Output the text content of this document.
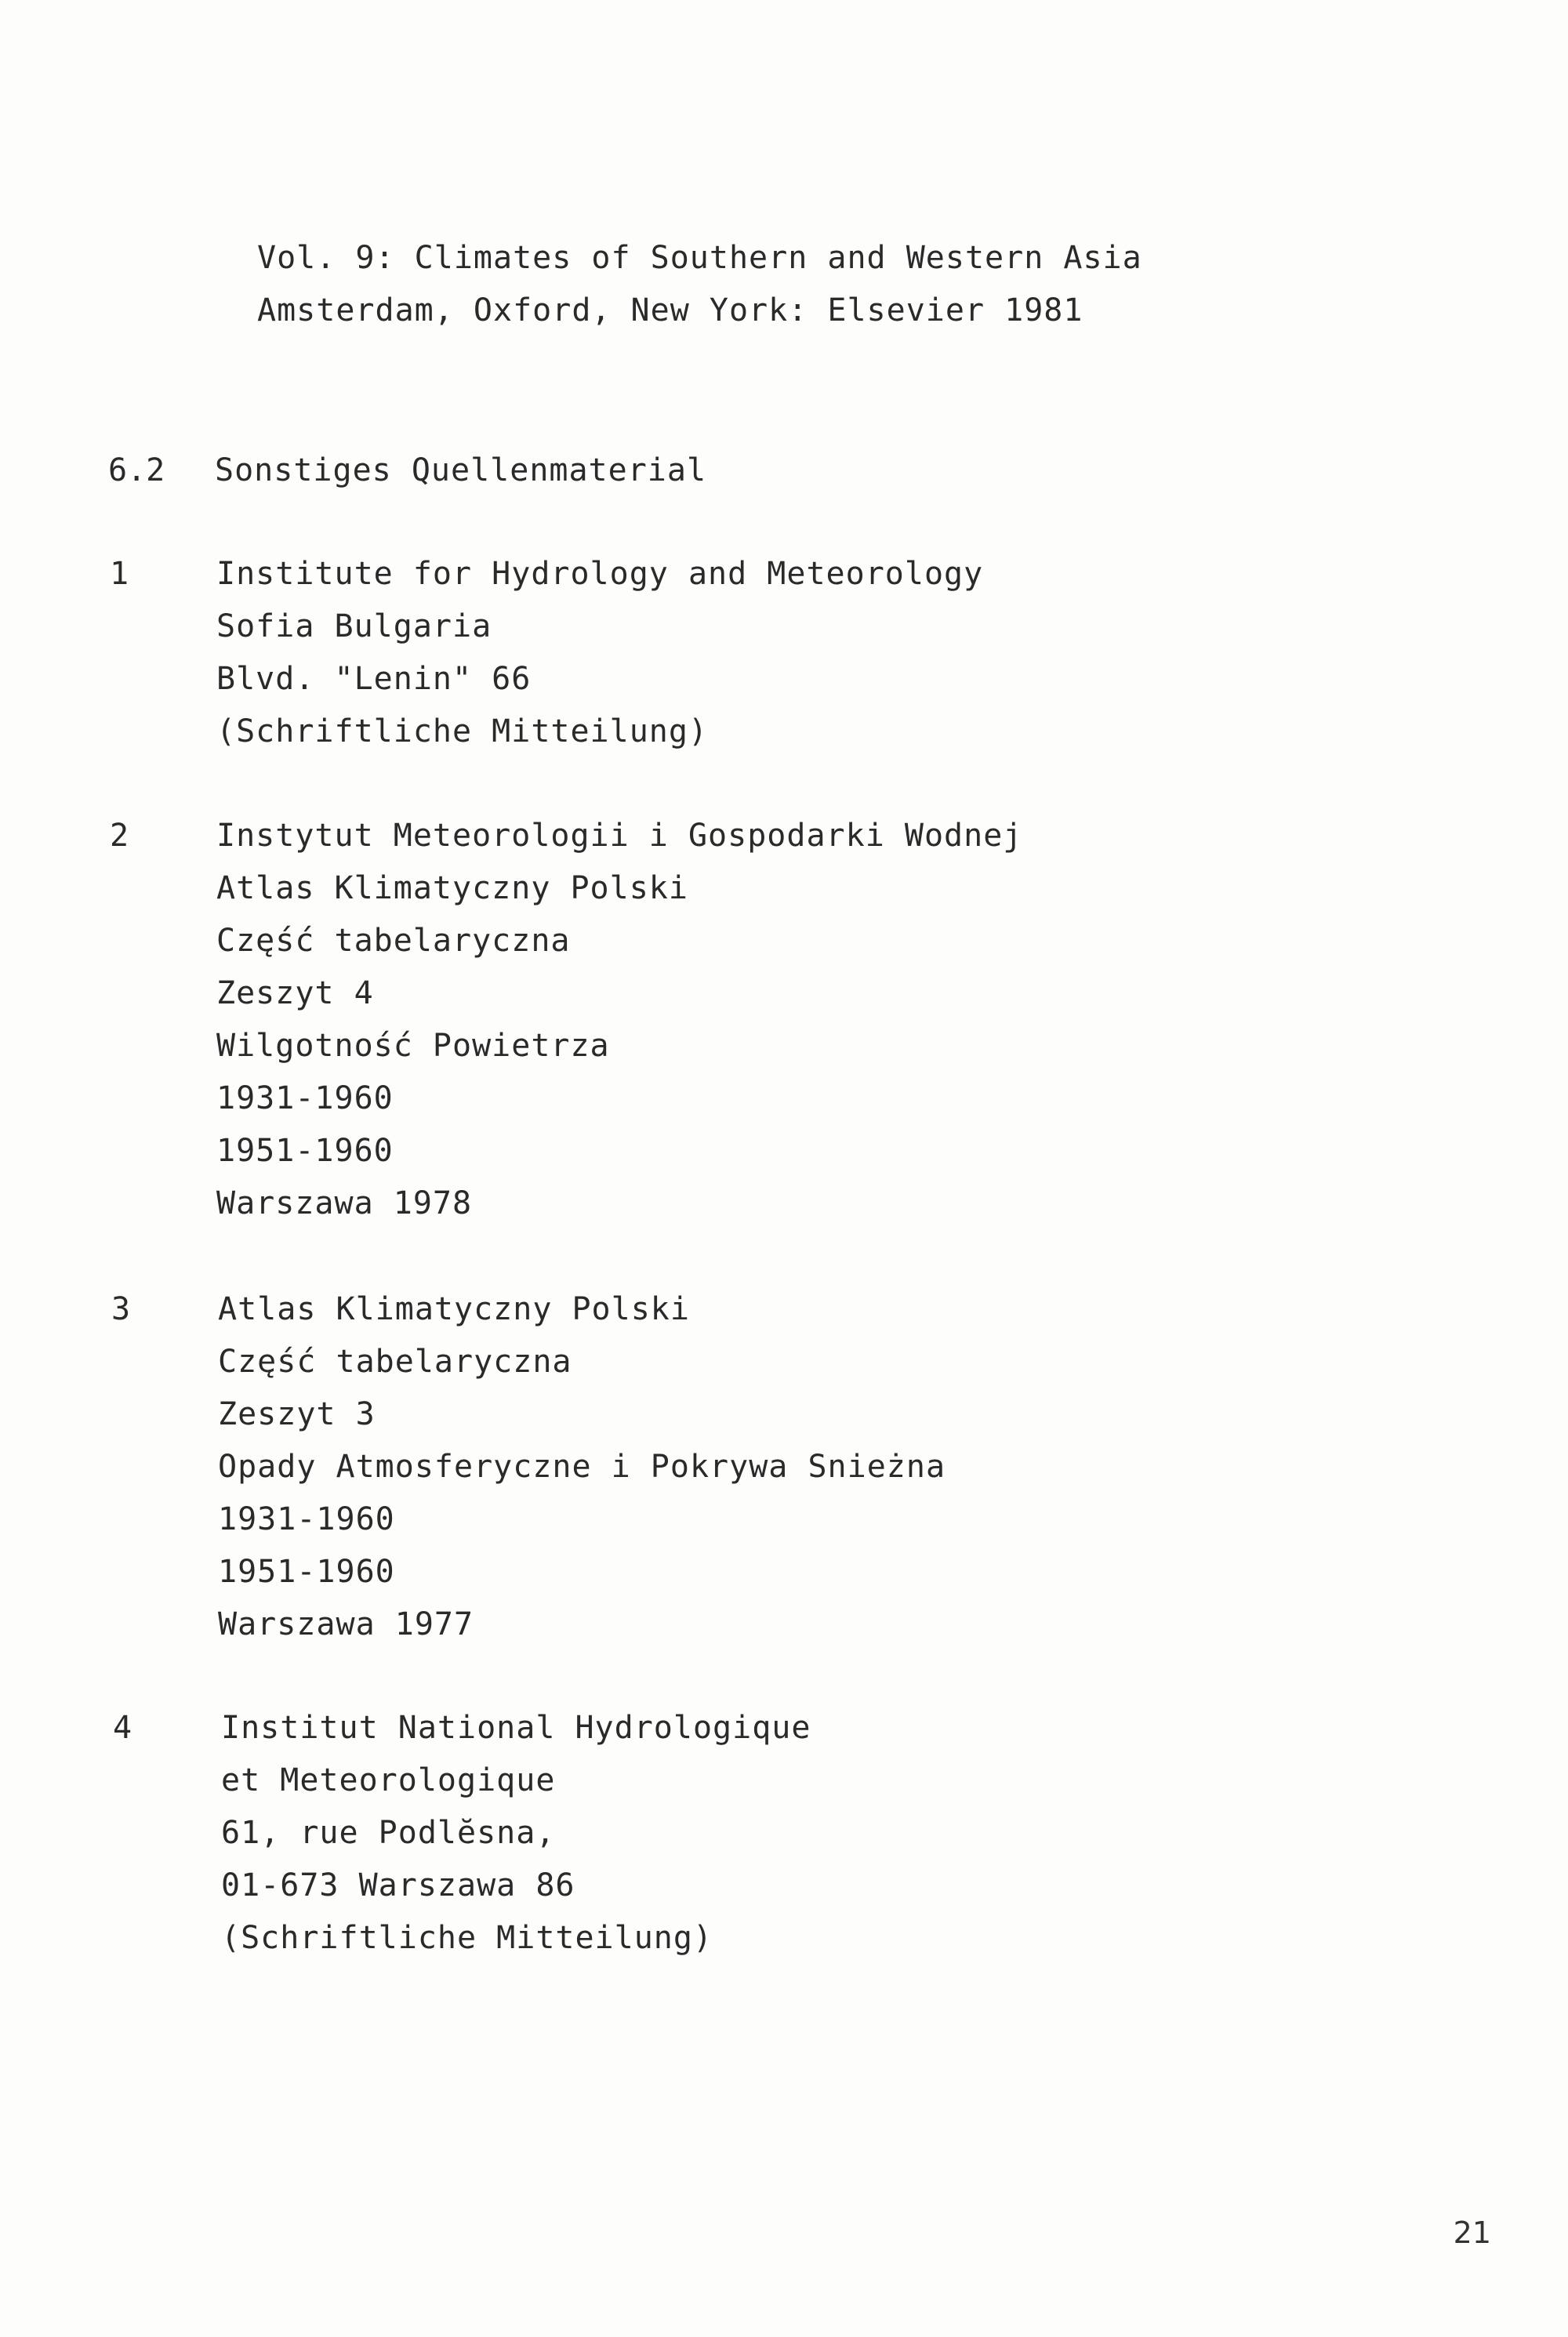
Vol. 9: Climates of Southern and Western Asia
Amsterdam, Oxford, New York: Elsevier 1981
6.2 Sonstiges Quellenmaterial
1	Institute for Hydrology and Meteorology
Sofia Bulgaria
Blvd. "Lenin" 66
(Schriftliche Mitteilung)
2	Instytut Meteorologii i Gospodarki Wodnej
Atlas Klimatyczny Polski
Część tabelaryczna
Zeszyt 4
Wilgotność Powietrza
1931-1960
1951-1960
Warszawa 1978
3	Atlas Klimatyczny Polski
Część tabelaryczna
Zeszyt 3
Opady Atmosferyczne i Pokrywa Snieżna
1931-1960
1951-1960
Warszawa 1977
4	Institut National Hydrologique
et Meteorologique
61, rue Podlĕsna,
01-673 Warszawa 86
(Schriftliche Mitteilung)
21
